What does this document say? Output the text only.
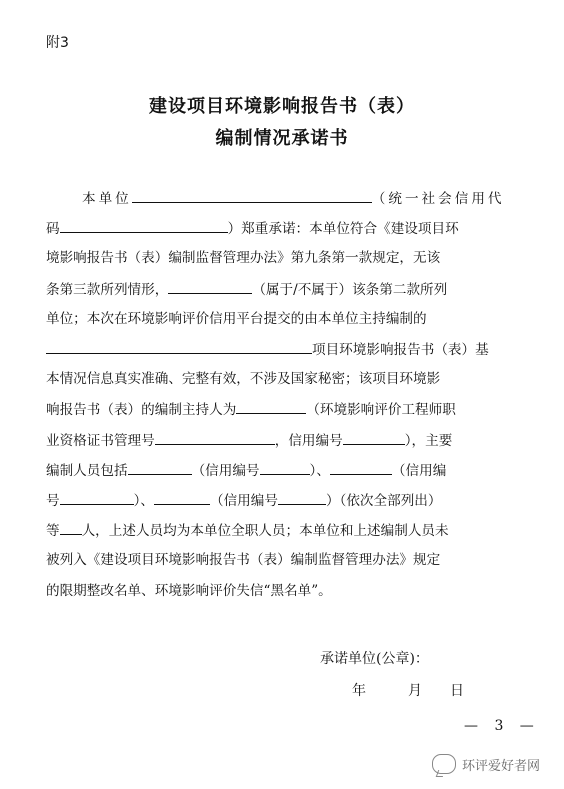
附3
建设项目环境影响报告书（表）
编制情况承诺书
本单位	（统一社会信用代
码	）郑重承诺：本单位符合《建设项目环
境影响报告书（表）编制监督管理办法》第九条第一款规定，无该
条第三款所列情形，	（属于/不属于）该条第二款所列
单位；本次在环境影响评价信用平台提交的由本单位主持编制的
项目环境影响报告书（表）基
本情况信息真实准确、完整有效，不涉及国家秘密；该项目环境影
响报告书（表）的编制主持人为	（环境影响评价工程师职
业资格证书管理号	，信用编号	），主要
编制人员包括	（信用编号	）、	（信用编
号	）、	（信用编号	）（依次全部列出）
等 人，上述人员均为本单位全职人员；本单位和上述编制人员未
被列入《建设项目环境影响报告书（表）编制监督管理办法》规定
的限期整改名单、环境影响评价失信“黑名单”。
承诺单位(公章)：
年	月 日
— 3 —
环评爱好者网
